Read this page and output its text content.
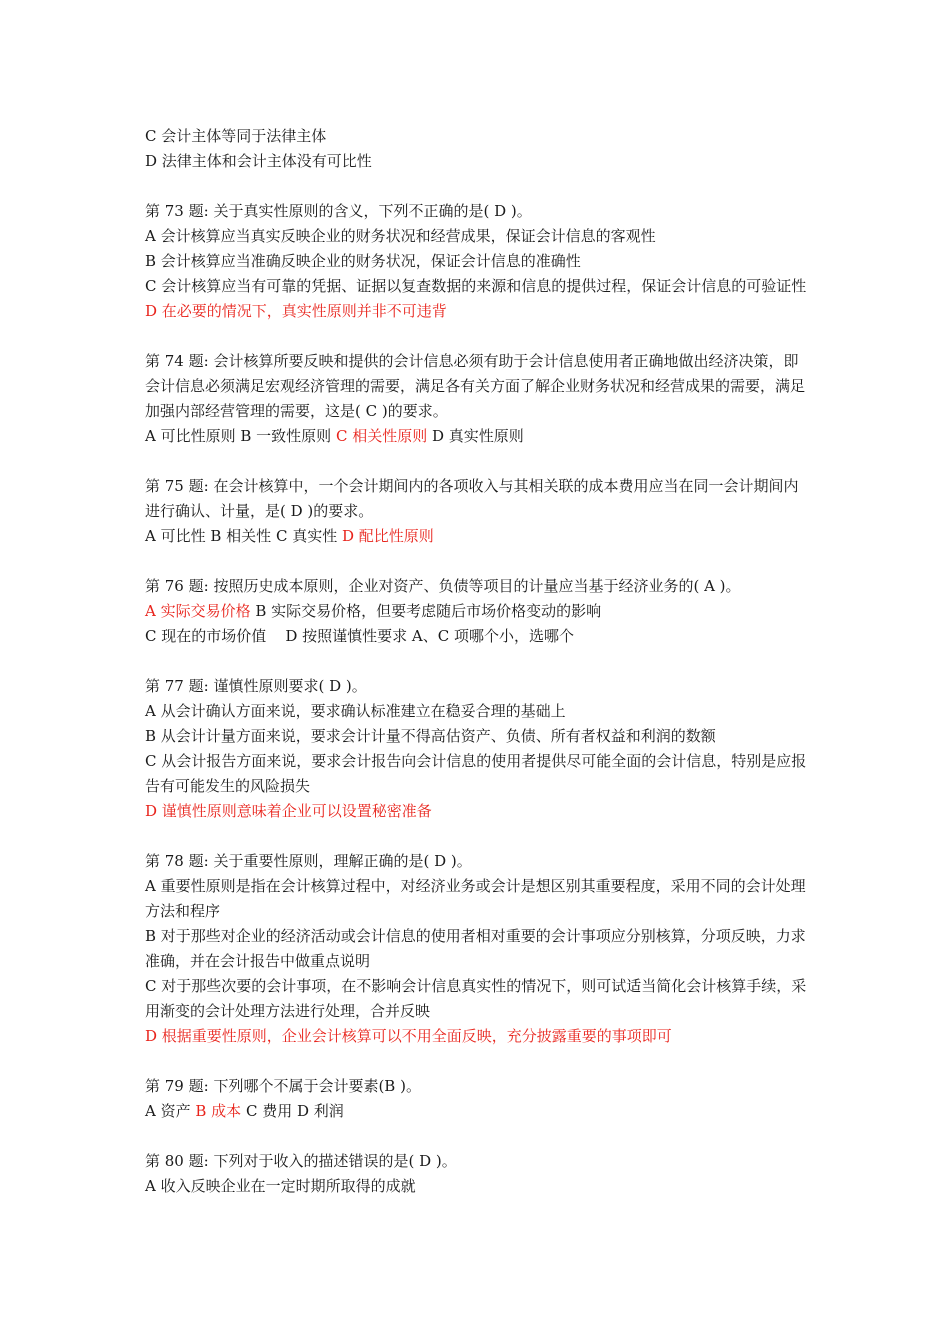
C 会计主体等同于法律主体
D 法律主体和会计主体没有可比性
第 73 题: 关于真实性原则的含义，下列不正确的是( D )。
A 会计核算应当真实反映企业的财务状况和经营成果，保证会计信息的客观性
B 会计核算应当准确反映企业的财务状况，保证会计信息的准确性
C 会计核算应当有可靠的凭据、证据以复查数据的来源和信息的提供过程，保证会计信息的可验证性
D 在必要的情况下，真实性原则并非不可违背
第 74 题: 会计核算所要反映和提供的会计信息必须有助于会计信息使用者正确地做出经济决策，即会计信息必须满足宏观经济管理的需要，满足各有关方面了解企业财务状况和经营成果的需要，满足加强内部经营管理的需要，这是( C )的要求。
A 可比性原则 B 一致性原则 C 相关性原则 D 真实性原则
第 75 题: 在会计核算中，一个会计期间内的各项收入与其相关联的成本费用应当在同一会计期间内进行确认、计量，是( D )的要求。
A 可比性 B 相关性 C 真实性 D 配比性原则
第 76 题: 按照历史成本原则，企业对资产、负债等项目的计量应当基于经济业务的( A )。
A 实际交易价格 B 实际交易价格，但要考虑随后市场价格变动的影响
C 现在的市场价值 D 按照谨慎性要求 A、C 项哪个小，选哪个
第 77 题: 谨慎性原则要求( D )。
A 从会计确认方面来说，要求确认标准建立在稳妥合理的基础上
B 从会计计量方面来说，要求会计计量不得高估资产、负债、所有者权益和利润的数额
C 从会计报告方面来说，要求会计报告向会计信息的使用者提供尽可能全面的会计信息，特别是应报告有可能发生的风险损失
D 谨慎性原则意味着企业可以设置秘密准备
第 78 题: 关于重要性原则，理解正确的是( D )。
A 重要性原则是指在会计核算过程中，对经济业务或会计是想区别其重要程度，采用不同的会计处理方法和程序
B 对于那些对企业的经济活动或会计信息的使用者相对重要的会计事项应分别核算，分项反映，力求准确，并在会计报告中做重点说明
C 对于那些次要的会计事项，在不影响会计信息真实性的情况下，则可试适当简化会计核算手续，采用渐变的会计处理方法进行处理，合并反映
D 根据重要性原则，企业会计核算可以不用全面反映，充分披露重要的事项即可
第 79 题: 下列哪个不属于会计要素(B )。
A 资产 B 成本 C 费用 D 利润
第 80 题: 下列对于收入的描述错误的是( D )。
A 收入反映企业在一定时期所取得的成就
